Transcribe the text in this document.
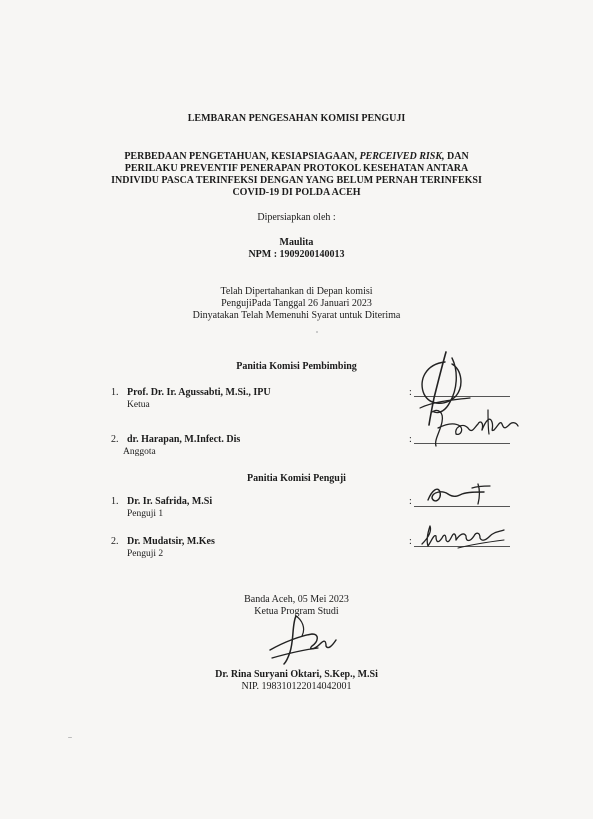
LEMBARAN PENGESAHAN KOMISI PENGUJI
PERBEDAAN PENGETAHUAN, KESIAPSIAGAAN, PERCEIVED RISK, DAN
PERILAKU PREVENTIF PENERAPAN PROTOKOL KESEHATAN ANTARA
INDIVIDU PASCA TERINFEKSI DENGAN YANG BELUM PERNAH TERINFEKSI
COVID-19 DI POLDA ACEH
Dipersiapkan oleh :
Maulita
NPM : 1909200140013
Telah Dipertahankan di Depan komisi
PengujiPada Tanggal 26 Januari 2023
Dinyatakan Telah Memenuhi Syarat untuk Diterima
Panitia Komisi Pembimbing
1. Prof. Dr. Ir. Agussabti, M.Si., IPU
Ketua
:
2. dr. Harapan, M.Infect. Dis
Anggota
:
Panitia Komisi Penguji
1. Dr. Ir. Safrida, M.Si
Penguji 1
:
2. Dr. Mudatsir, M.Kes
Penguji 2
:
Banda Aceh, 05 Mei 2023
Ketua Program Studi
Dr. Rina Suryani Oktari, S.Kep., M.Si
NIP. 198310122014042001
